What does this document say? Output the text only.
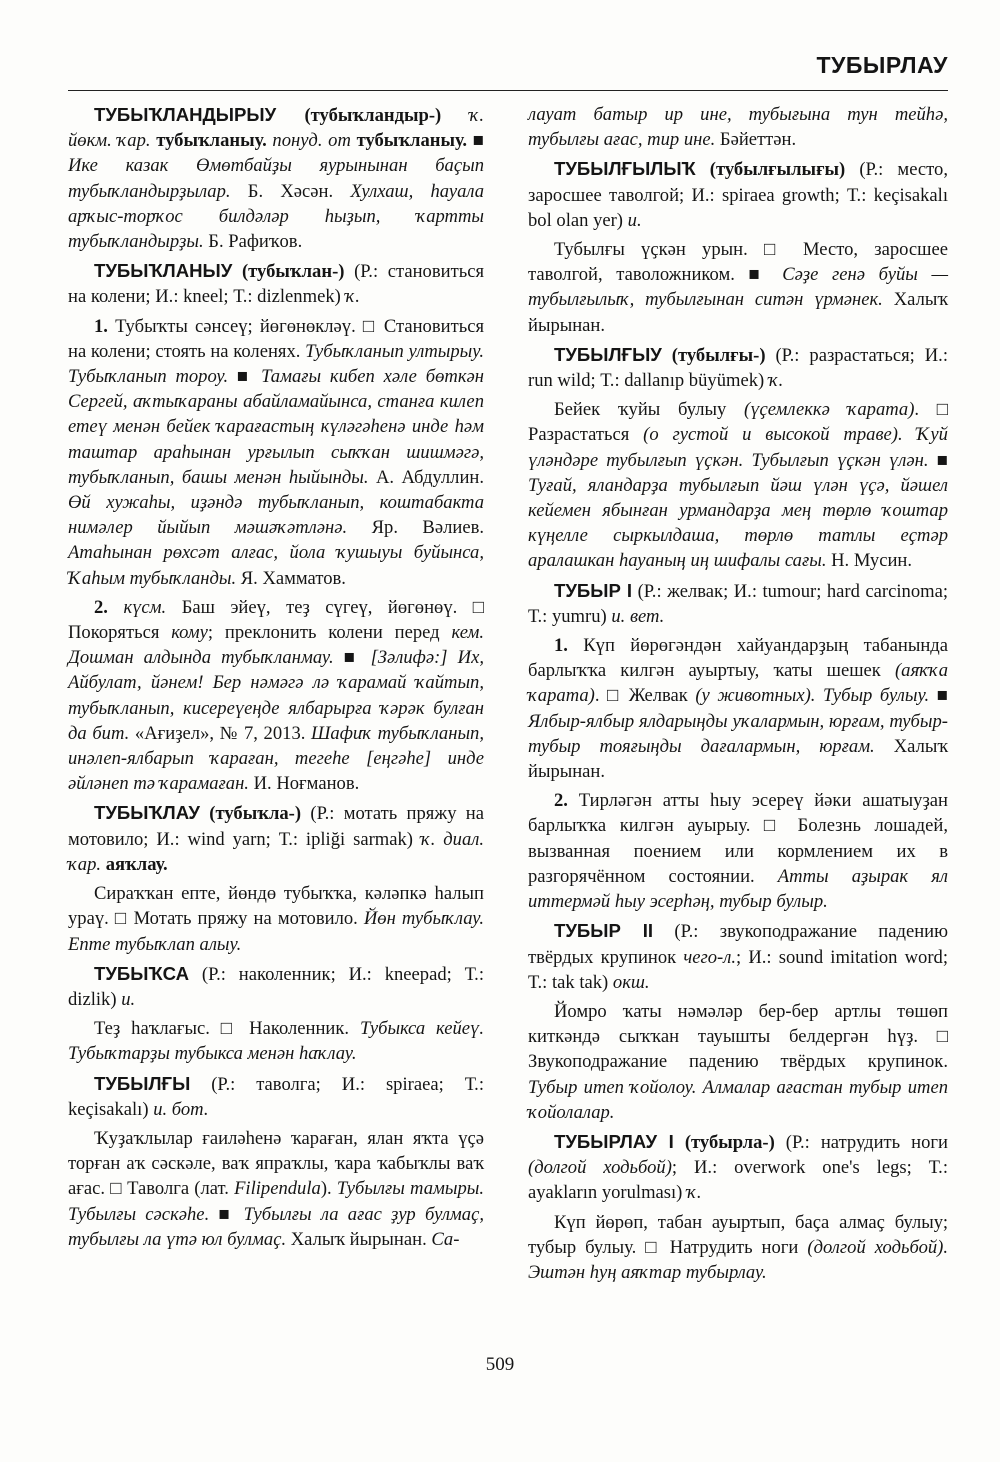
ТУБЫРЛАУ

ТУБЫҠЛАНДЫРЫУ (тубыҡландыр-) ҡ. йөкм. ҡар. тубыҡланыу. понуд. от тубыҡланыу. ■ Ике казак Өмөтбайҙы яурынынан баҫып тубыҡландырҙылар. Б. Хәсән. Хулхаш, һауала арҡыс-торҡос билдәләр һыҙып, ҡартты тубыҡландырҙы. Б. Рафиҡов.

ТУБЫҠЛАНЫУ (тубыҡлан-) (Р.: становиться на колени; И.: kneel; Т.: dizlenmek) ҡ.

1. Тубыҡты сәнсеү; йөгөнөкләү. □ Становиться на колени; стоять на коленях. Тубыҡланып ултырыу. Тубыҡланып тороу. ■ Тамағы кибеп хәле бөткән Сергей, аҡтыҡараны абайламайынса, станға килеп етеү менән бейек ҡарағастың күләгәһенә инде һәм таштар араһынан урғылып сыҡҡан шишмәгә, тубыҡланып, башы менән һыйынды. А. Абдуллин. Өй хужаһы, иҙәндә тубыҡланып, коштабакта нимәлер йыйып мәшәҡәтләнә. Яр. Вәлиев. Атаһынан рөхсәт алғас, йола ҡушыуы буйынса, Ҡаһым тубыҡланды. Я. Хамматов.

2. күсм. Баш эйеү, теҙ сүгеү, йөгөнөү. □ Покоряться кому; преклонить колени перед кем. Дошман алдында тубыҡланмау. ■ [Зәлифә:] Их, Айбулат, йәнем! Бер нәмәгә лә ҡарамай ҡайтып, тубыҡланып, кисереүеңде ялбарырға ҡәрәк булған да бит. «Ағиҙел», № 7, 2013. Шафиҡ тубыҡланып, инәлеп-ялбарып ҡараған, тегеһе [еңгәһе] инде әйләнеп тә ҡарамаған. И. Ноғманов.

ТУБЫҠЛАУ (тубыҡла-) (Р.: мотать пряжу на мотовило; И.: wind yarn; Т.: ipliği sarmak) ҡ. диал. ҡар. аяҡлау.

Сираҡҡан епте, йөндө тубыҡҡа, кәләпкә һалып ураү. □ Мотать пряжу на мотовило. Йөн тубыҡлау. Епте тубыҡлап алыу.

ТУБЫҠСА (Р.: наколенник; И.: kneepad; Т.: dizlik) и.

Теҙ һаҡлағыс. □ Наколенник. Тубыкса кейеү. Тубыҡтарҙы тубыкса менән һаҡлау.

ТУБЫЛҒЫ (Р.: таволга; И.: spiraea; Т.: keçisakalı) и. бот.

Ҡуҙаҡлылар ғаиләһенә ҡараған, ялан яҡта үҫә торған аҡ сәскәле, ваҡ япраҡлы, ҡара ҡабыҡлы ваҡ ағас. □ Таволга (лат. Filipendula). Тубылғы тамыры. Тубылғы сәскәһе. ■ Тубылғы ла ағас ҙур булмаҫ, тубылғы ла үтә юл булмаҫ. Халыҡ йырынан. Са-

лауат батыр ир ине, тубығына тун тейһә, тубылғы ағас, тир ине. Бәйеттән.

ТУБЫЛҒЫЛЫҠ (тубылғылығы) (Р.: место, заросшее таволгой; И.: spiraea growth; Т.: keçisakalı bol olan yer) и.

Тубылғы үҫкән урын. □ Место, заросшее таволгой, таволожником. ■ Сәҙе генә буйы — тубылғылыҡ, тубылғынан ситән үрмәнек. Халыҡ йырынан.

ТУБЫЛҒЫУ (тубылғы-) (Р.: разрастаться; И.: run wild; Т.: dallanıp büyümek) ҡ.

Бейек ҡуйы булыу (үҫемлеккә ҡарата). □ Разрастаться (о густой и высокой траве). Ҡуй үләндәре тубылғып үҫкән. Тубылғып үҫкән үлән. ■ Туғай, яландарҙа тубылғып йәш үлән үҫә, йәшел кейемен ябынған урмандарҙа мең төрлө ҡоштар күңелле сыркылдаша, төрлө татлы еҫтәр аралашкан һауаның иң шифалы сағы. Н. Мусин.

ТУБЫР I (Р.: желвак; И.: tumour; hard carcinoma; Т.: yumru) и. вет.

1. Күп йөрөгәндән хайуандарҙың табанында барлыҡҡа килгән ауыртыу, ҡаты шешек (аяҡҡа ҡарата). □ Желвак (у животных). Тубыр булыу. ■ Ялбыр-ялбыр ялдарыңды уҡалармын, юрғам, тубыр-тубыр тояғыңды дағалармын, юрғам. Халыҡ йырынан.

2. Тирләгән атты һыу эсереү йәки ашатыуҙан барлыҡҡа килгән ауырыу. □ Болезнь лошадей, вызванная поением или кормлением их в разгорячённом состоянии. Атты аҙырак ял иттермәй һыу эсерһәң, тубыр булыр.

ТУБЫР II (Р.: звукоподражание падению твёрдых крупинок чего-л.; И.: sound imitation word; Т.: tak tak) окш.

Йомро ҡаты нәмәләр бер-бер артлы төшөп киткәндә сыҡҡан тауышты белдергән һүҙ. □ Звукоподражание падению твёрдых крупинок. Тубыр итеп ҡойолоу. Алмалар ағастан тубыр итеп ҡойолалар.

ТУБЫРЛАУ I (тубырла-) (Р.: натрудить ноги (долгой ходьбой); И.: overwork one's legs; Т.: ayakların yorulması) ҡ.

Күп йөрөп, табан ауыртып, баҫа алмаҫ булыу; тубыр булыу. □ Натрудить ноги (долгой ходьбой). Эштән һуң аяҡтар тубырлау.

509
